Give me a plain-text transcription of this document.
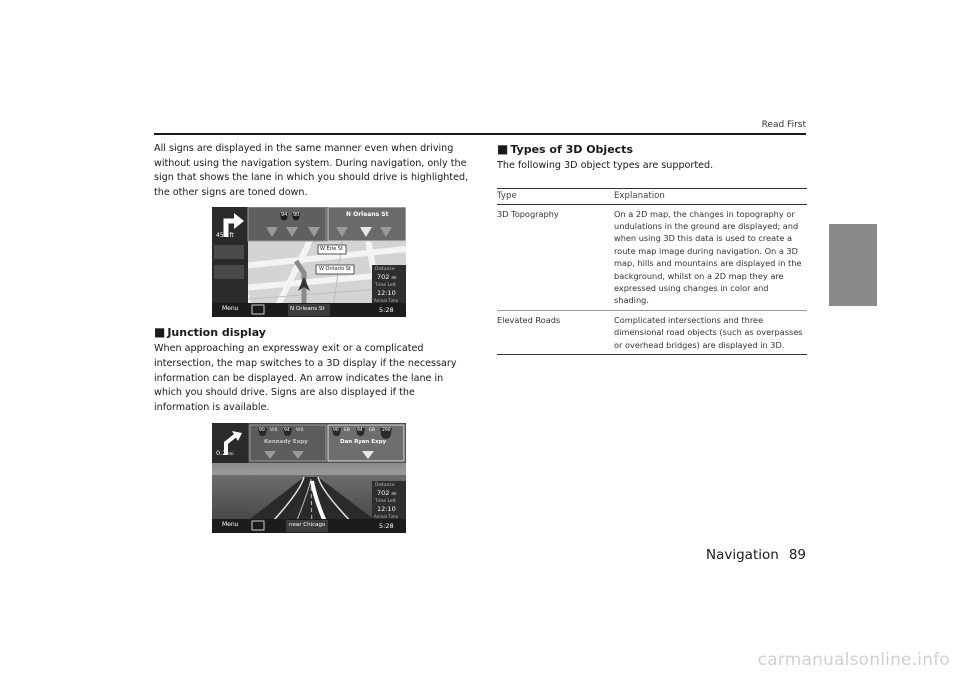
Read First

All signs are displayed in the same manner even when driving without using the navigation system. During navigation, only the sign that shows the lane in which you should drive is highlighted, the other signs are toned down.

450 ft
94 90	N Orleans St
W Erie St
W Ontario St	Distance
702 mi
Time Left
12:10
Arrival Time
5:28
Menu	N Orleans St
■ Junction display

When approaching an expressway exit or a complicated intersection, the map switches to a 3D display if the necessary information can be displayed. An arrow indicates the lane in which you should drive. Signs are also displayed if the information is available.

0.2 mi
90 WB 94 WB
Kennedy Expy
90 EB 94 EB 290
Dan Ryan Expy
Distance
702 mi
Time Left
12:10
Arrival Time
5:28
Menu	near Chicago
■ Types of 3D Objects

The following 3D object types are supported.

Type	Explanation
3D Topography	On a 2D map, the changes in topography or undulations in the ground are displayed; and when using 3D this data is used to create a route map image during navigation. On a 3D map, hills and mountains are displayed in the background, whilst on a 2D map they are expressed using changes in color and shading.
Elevated Roads	Complicated intersections and three dimensional road objects (such as overpasses or overhead bridges) are displayed in 3D.
Navigation 89
carmanualsonline.info
